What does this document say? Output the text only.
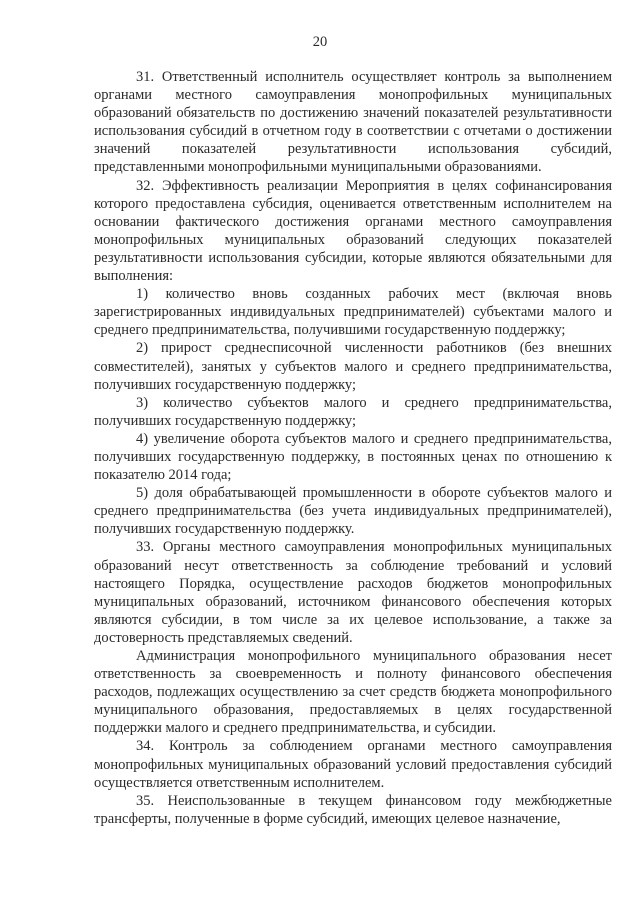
20

31. Ответственный исполнитель осуществляет контроль за выполнением органами местного самоуправления монопрофильных муниципальных образований обязательств по достижению значений показателей результативности использования субсидий в отчетном году в соответствии с отчетами о достижении значений показателей результативности использования субсидий, представленными монопрофильными муниципальными образованиями.

32. Эффективность реализации Мероприятия в целях софинансирования которого предоставлена субсидия, оценивается ответственным исполнителем на основании фактического достижения органами местного самоуправления монопрофильных муниципальных образований следующих показателей результативности использования субсидии, которые являются обязательными для выполнения:

1) количество вновь созданных рабочих мест (включая вновь зарегистрированных индивидуальных предпринимателей) субъектами малого и среднего предпринимательства, получившими государственную поддержку;

2) прирост среднесписочной численности работников (без внешних совместителей), занятых у субъектов малого и среднего предпринимательства, получивших государственную поддержку;

3) количество субъектов малого и среднего предпринимательства, получивших государственную поддержку;

4) увеличение оборота субъектов малого и среднего предпринимательства, получивших государственную поддержку, в постоянных ценах по отношению к показателю 2014 года;

5) доля обрабатывающей промышленности в обороте субъектов малого и среднего предпринимательства (без учета индивидуальных предпринимателей), получивших государственную поддержку.

33. Органы местного самоуправления монопрофильных муниципальных образований несут ответственность за соблюдение требований и условий настоящего Порядка, осуществление расходов бюджетов монопрофильных муниципальных образований, источником финансового обеспечения которых являются субсидии, в том числе за их целевое использование, а также за достоверность представляемых сведений.

Администрация монопрофильного муниципального образования несет ответственность за своевременность и полноту финансового обеспечения расходов, подлежащих осуществлению за счет средств бюджета монопрофильного муниципального образования, предоставляемых в целях государственной поддержки малого и среднего предпринимательства, и субсидии.

34. Контроль за соблюдением органами местного самоуправления монопрофильных муниципальных образований условий предоставления субсидий осуществляется ответственным исполнителем.

35. Неиспользованные в текущем финансовом году межбюджетные трансферты, полученные в форме субсидий, имеющих целевое назначение,
